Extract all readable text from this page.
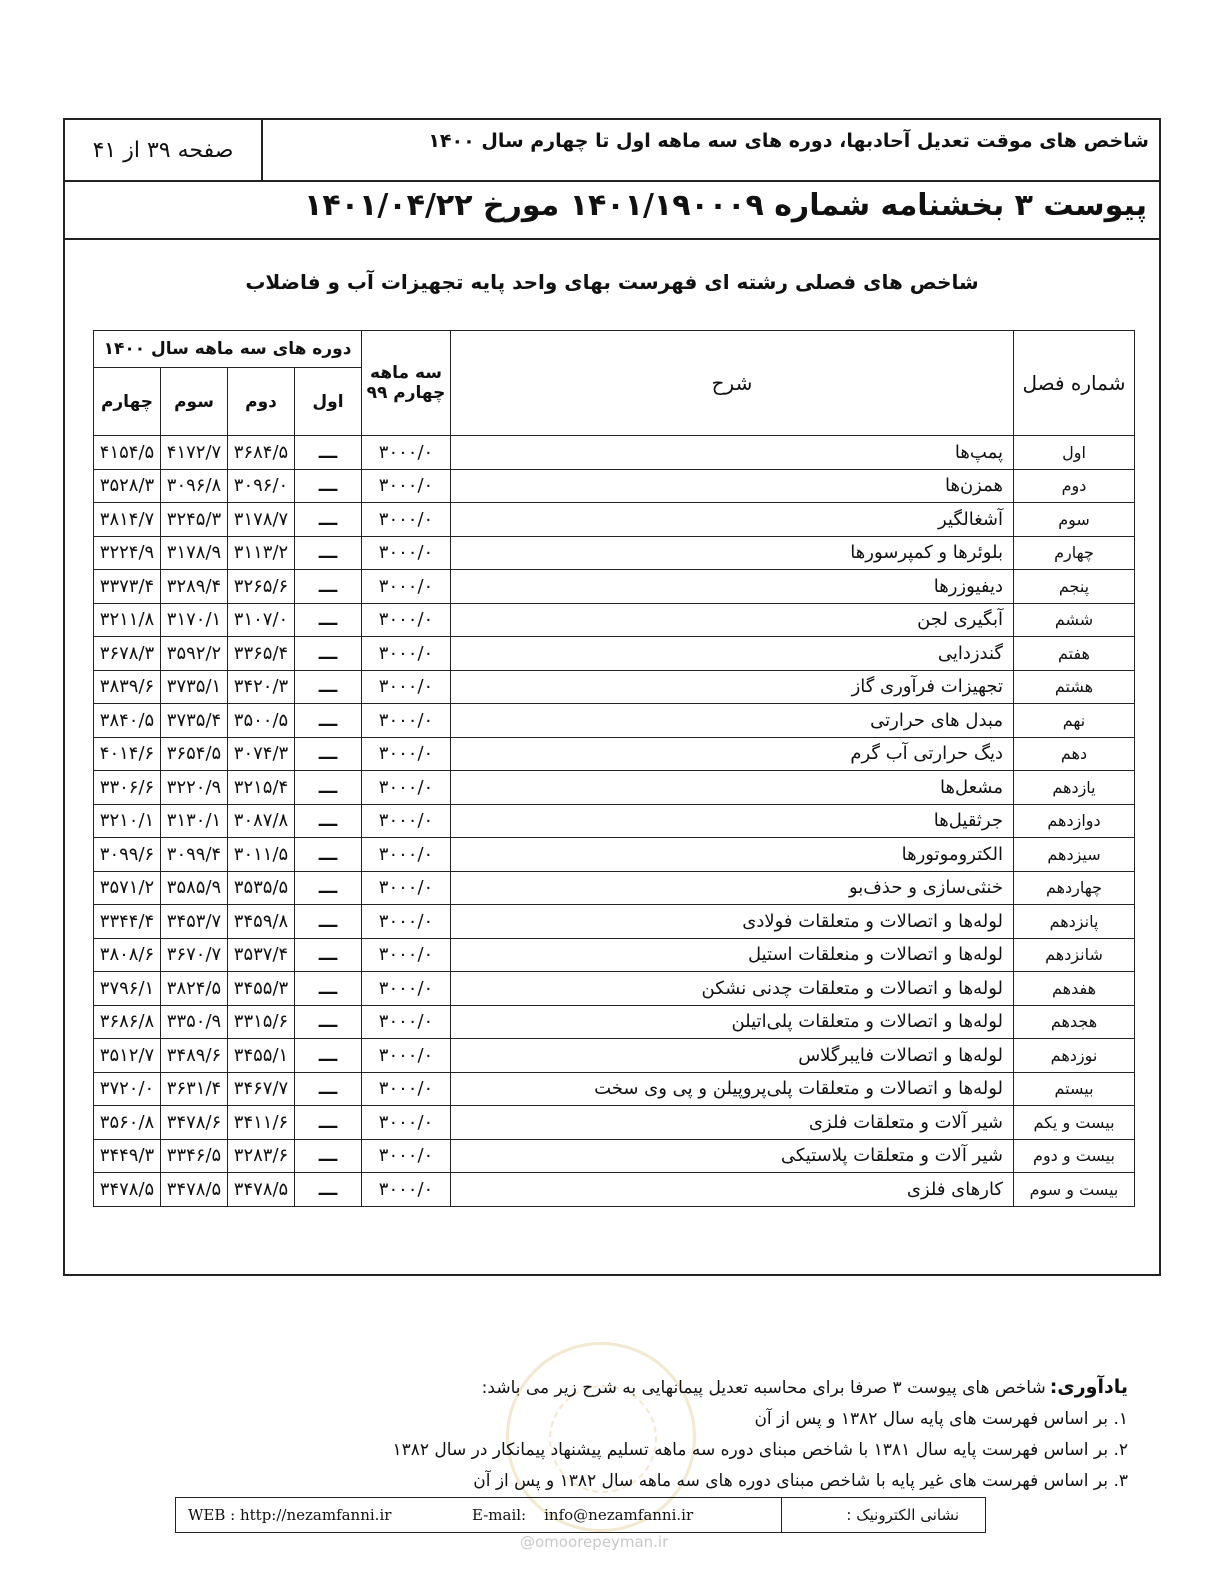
شاخص های موقت تعدیل آحادبها، دوره های سه ماهه اول تا چهارم سال ۱۴۰۰
صفحه ۳۹ از ۴۱
پیوست ۳ بخشنامه شماره ۱۴۰۱/۱۹۰۰۰۹ مورخ ۱۴۰۱/۰۴/۲۲
شاخص های فصلی رشته ای فهرست بهای واحد پایه تجهیزات آب و فاضلاب
شماره فصل	شرح	سه ماهه چهارم ۹۹	دوره های سه ماهه سال ۱۴۰۰			
			اول	دوم	سوم	چهارم
اول	پمپ‌ها	۳۰۰۰/۰	ـــ	۳۶۸۴/۵	۴۱۷۲/۷	۴۱۵۴/۵
دوم	همزن‌ها	۳۰۰۰/۰	ـــ	۳۰۹۶/۰	۳۰۹۶/۸	۳۵۲۸/۳
سوم	آشغالگیر	۳۰۰۰/۰	ـــ	۳۱۷۸/۷	۳۲۴۵/۳	۳۸۱۴/۷
چهارم	بلوئرها و کمپرسورها	۳۰۰۰/۰	ـــ	۳۱۱۳/۲	۳۱۷۸/۹	۳۲۲۴/۹
پنجم	دیفیوزرها	۳۰۰۰/۰	ـــ	۳۲۶۵/۶	۳۲۸۹/۴	۳۳۷۳/۴
ششم	آبگیری لجن	۳۰۰۰/۰	ـــ	۳۱۰۷/۰	۳۱۷۰/۱	۳۲۱۱/۸
هفتم	گندزدایی	۳۰۰۰/۰	ـــ	۳۳۶۵/۴	۳۵۹۲/۲	۳۶۷۸/۳
هشتم	تجهیزات فرآوری گاز	۳۰۰۰/۰	ـــ	۳۴۲۰/۳	۳۷۳۵/۱	۳۸۳۹/۶
نهم	مبدل های حرارتی	۳۰۰۰/۰	ـــ	۳۵۰۰/۵	۳۷۳۵/۴	۳۸۴۰/۵
دهم	دیگ حرارتی آب گرم	۳۰۰۰/۰	ـــ	۳۰۷۴/۳	۳۶۵۴/۵	۴۰۱۴/۶
یازدهم	مشعل‌ها	۳۰۰۰/۰	ـــ	۳۲۱۵/۴	۳۲۲۰/۹	۳۳۰۶/۶
دوازدهم	جرثقیل‌ها	۳۰۰۰/۰	ـــ	۳۰۸۷/۸	۳۱۳۰/۱	۳۲۱۰/۱
سیزدهم	الکتروموتورها	۳۰۰۰/۰	ـــ	۳۰۱۱/۵	۳۰۹۹/۴	۳۰۹۹/۶
چهاردهم	خنثی‌سازی و حذف‌بو	۳۰۰۰/۰	ـــ	۳۵۳۵/۵	۳۵۸۵/۹	۳۵۷۱/۲
پانزدهم	لوله‌ها و اتصالات و متعلقات فولادی	۳۰۰۰/۰	ـــ	۳۴۵۹/۸	۳۴۵۳/۷	۳۳۴۴/۴
شانزدهم	لوله‌ها و اتصالات و منعلقات استیل	۳۰۰۰/۰	ـــ	۳۵۳۷/۴	۳۶۷۰/۷	۳۸۰۸/۶
هفدهم	لوله‌ها و اتصالات و متعلقات چدنی نشکن	۳۰۰۰/۰	ـــ	۳۴۵۵/۳	۳۸۲۴/۵	۳۷۹۶/۱
هجدهم	لوله‌ها و اتصالات و متعلقات پلی‌اتیلن	۳۰۰۰/۰	ـــ	۳۳۱۵/۶	۳۳۵۰/۹	۳۶۸۶/۸
نوزدهم	لوله‌ها و اتصالات فایبرگلاس	۳۰۰۰/۰	ـــ	۳۴۵۵/۱	۳۴۸۹/۶	۳۵۱۲/۷
بیستم	لوله‌ها و اتصالات و متعلقات پلی‌پروپیلن و پی وی سخت	۳۰۰۰/۰	ـــ	۳۴۶۷/۷	۳۶۳۱/۴	۳۷۲۰/۰
بیست و یکم	شیر آلات و متعلقات فلزی	۳۰۰۰/۰	ـــ	۳۴۱۱/۶	۳۴۷۸/۶	۳۵۶۰/۸
بیست و دوم	شیر آلات و متعلقات پلاستیکی	۳۰۰۰/۰	ـــ	۳۲۸۳/۶	۳۳۴۶/۵	۳۴۴۹/۳
بیست و سوم	کارهای فلزی	۳۰۰۰/۰	ـــ	۳۴۷۸/۵	۳۴۷۸/۵	۳۴۷۸/۵
یادآوری:شاخص های پیوست ۳ صرفا برای محاسبه تعدیل پیمانهایی به شرح زیر می باشد:
۱. بر اساس فهرست های پایه سال ۱۳۸۲ و پس از آن
۲. بر اساس فهرست پایه سال ۱۳۸۱ با شاخص مبنای دوره سه ماهه تسلیم پیشنهاد پیمانکار در سال ۱۳۸۲
۳. بر اساس فهرست های غیر پایه با شاخص مبنای دوره های سه ماهه سال ۱۳۸۲ و پس از آن
نشانی الکترونیک :
E-mail: info@nezamfanni.ir
WEB : http://nezamfanni.ir
@omoorepeyman.ir
